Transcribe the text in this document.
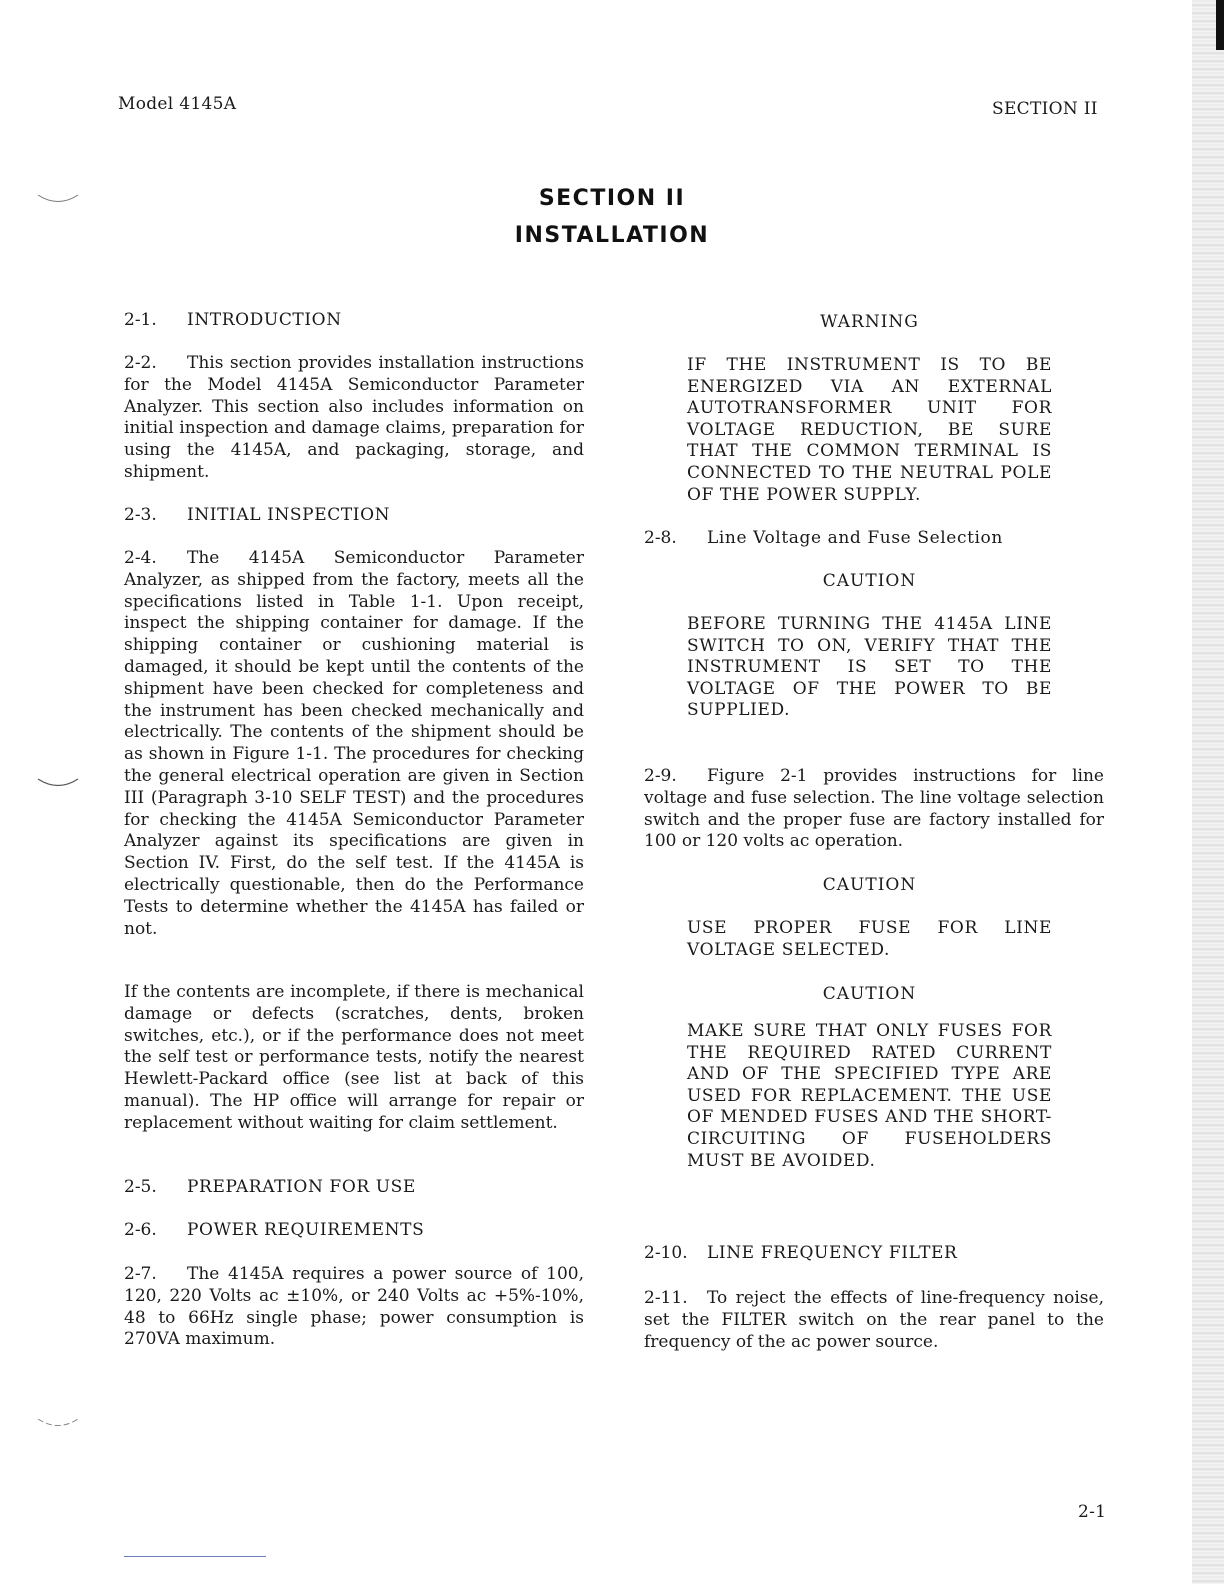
Model 4145A	SECTION II
SECTION II
INSTALLATION
2-1. INTRODUCTION
2-2. This section provides installation instructions for the Model 4145A Semiconductor Parameter Analyzer. This section also includes information on initial inspection and damage claims, preparation for using the 4145A, and packaging, storage, and shipment.
2-3. INITIAL INSPECTION
2-4. The 4145A Semiconductor Parameter Analyzer, as shipped from the factory, meets all the specifications listed in Table 1-1. Upon receipt, inspect the shipping container for damage. If the shipping container or cushioning material is damaged, it should be kept until the contents of the shipment have been checked for completeness and the instrument has been checked mechanically and electrically. The contents of the shipment should be as shown in Figure 1-1. The procedures for checking the general electrical operation are given in Section III (Paragraph 3-10 SELF TEST) and the procedures for checking the 4145A Semiconductor Parameter Analyzer against its specifications are given in Section IV. First, do the self test. If the 4145A is electrically questionable, then do the Performance Tests to determine whether the 4145A has failed or not.
If the contents are incomplete, if there is mechanical damage or defects (scratches, dents, broken switches, etc.), or if the performance does not meet the self test or performance tests, notify the nearest Hewlett-Packard office (see list at back of this manual). The HP office will arrange for repair or replacement without waiting for claim settlement.
2-5. PREPARATION FOR USE
2-6. POWER REQUIREMENTS
2-7. The 4145A requires a power source of 100, 120, 220 Volts ac ±10%, or 240 Volts ac +5%-10%, 48 to 66Hz single phase; power consumption is 270VA maximum.
WARNING
IF THE INSTRUMENT IS TO BE ENERGIZED VIA AN EXTERNAL AUTOTRANSFORMER UNIT FOR VOLTAGE REDUCTION, BE SURE THAT THE COMMON TERMINAL IS CONNECTED TO THE NEUTRAL POLE OF THE POWER SUPPLY.
2-8. Line Voltage and Fuse Selection
CAUTION
BEFORE TURNING THE 4145A LINE SWITCH TO ON, VERIFY THAT THE INSTRUMENT IS SET TO THE VOLTAGE OF THE POWER TO BE SUPPLIED.
2-9. Figure 2-1 provides instructions for line voltage and fuse selection. The line voltage selection switch and the proper fuse are factory installed for 100 or 120 volts ac operation.
CAUTION
USE PROPER FUSE FOR LINE VOLTAGE SELECTED.
CAUTION
MAKE SURE THAT ONLY FUSES FOR THE REQUIRED RATED CURRENT AND OF THE SPECIFIED TYPE ARE USED FOR REPLACEMENT. THE USE OF MENDED FUSES AND THE SHORT-CIRCUITING OF FUSEHOLDERS MUST BE AVOIDED.
2-10. LINE FREQUENCY FILTER
2-11. To reject the effects of line-frequency noise, set the FILTER switch on the rear panel to the frequency of the ac power source.
2-1
